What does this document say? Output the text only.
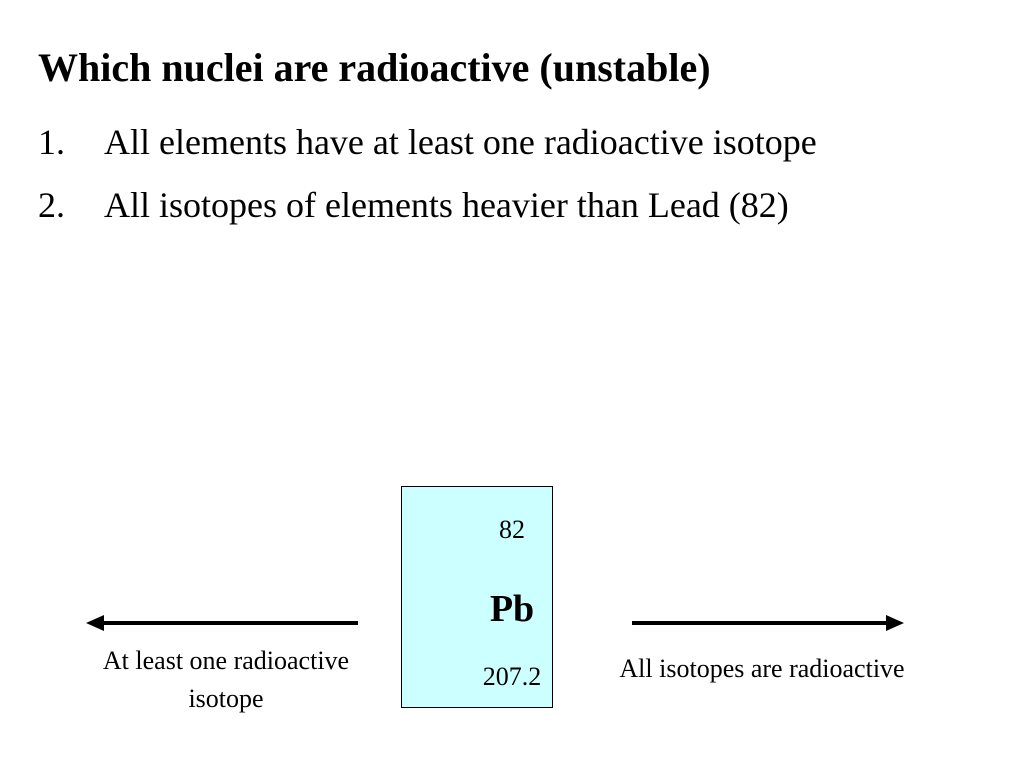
Which nuclei are radioactive (unstable)
1. All elements have at least one radioactive isotope
2. All isotopes of elements heavier than Lead (82)
82
Pb
207.2
At least one radioactive isotope
All isotopes are radioactive
